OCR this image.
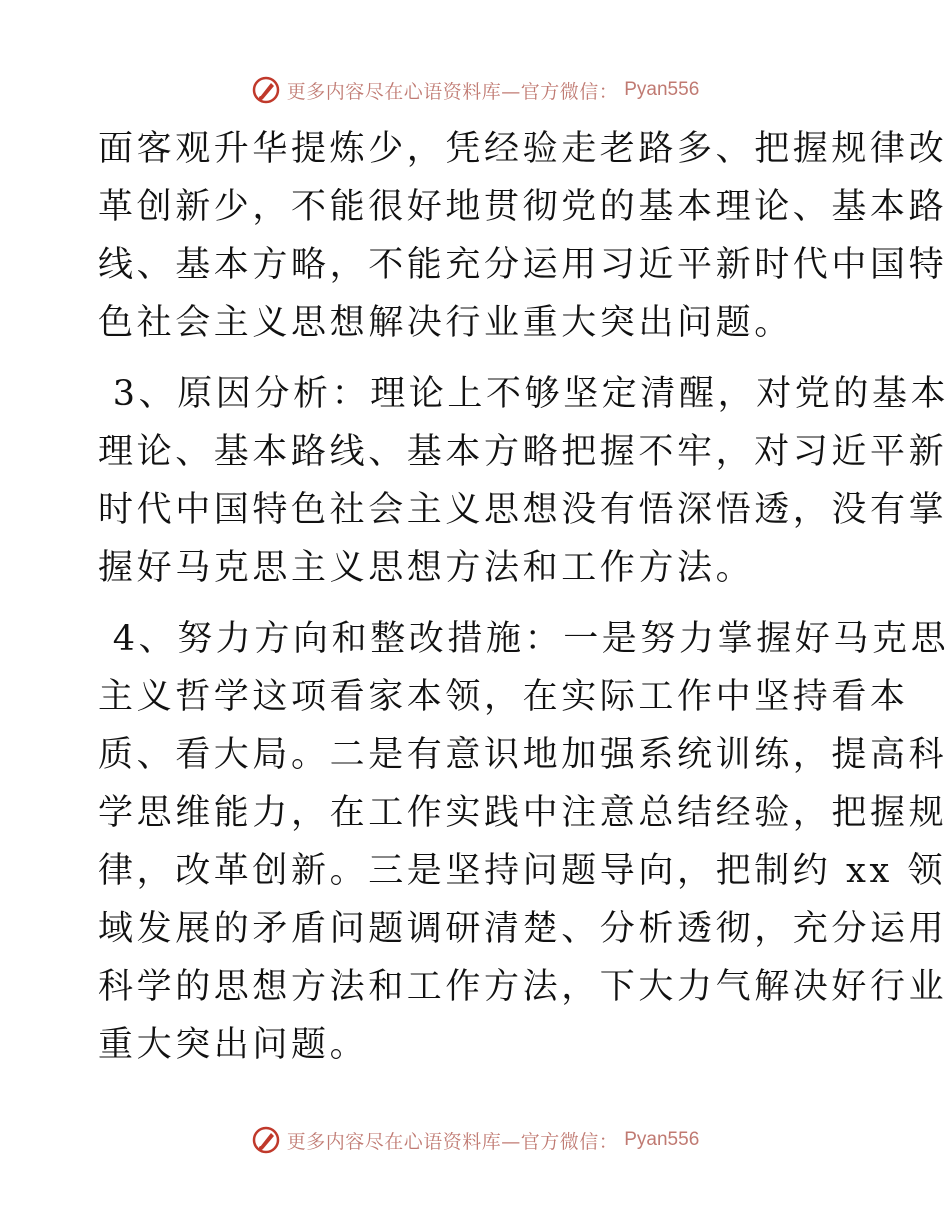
更多内容尽在心语资料库—官方微信： Pyan556

面客观升华提炼少，凭经验走老路多、把握规律改

革创新少，不能很好地贯彻党的基本理论、基本路

线、基本方略，不能充分运用习近平新时代中国特

色社会主义思想解决行业重大突出问题。

3、原因分析：理论上不够坚定清醒，对党的基本

理论、基本路线、基本方略把握不牢，对习近平新

时代中国特色社会主义思想没有悟深悟透，没有掌

握好马克思主义思想方法和工作方法。

4、努力方向和整改措施：一是努力掌握好马克思

主义哲学这项看家本领，在实际工作中坚持看本

质、看大局。二是有意识地加强系统训练，提高科

学思维能力，在工作实践中注意总结经验，把握规

律，改革创新。三是坚持问题导向，把制约 xx 领

域发展的矛盾问题调研清楚、分析透彻，充分运用

科学的思想方法和工作方法，下大力气解决好行业

重大突出问题。

更多内容尽在心语资料库—官方微信： Pyan556
